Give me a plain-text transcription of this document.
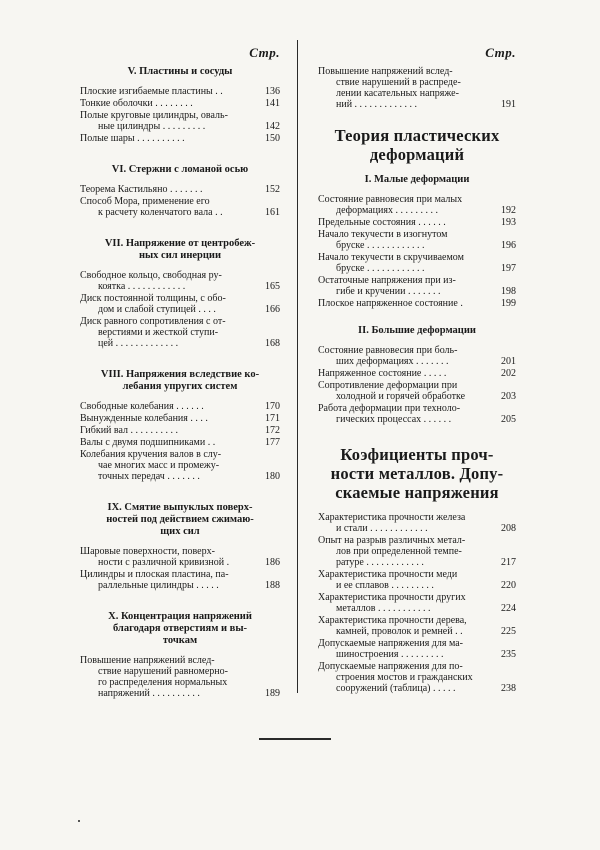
Стр.
V. Пластины и сосуды
Плоские изгибаемые пластины . .	136
Тонкие оболочки . . . . . . . .	141
Полые круговые цилиндры, оваль-
ные цилиндры . . . . . . . . .	142
Полые шары . . . . . . . . . .	150
VI. Стержни с ломаной осью
Теорема Кастильяно . . . . . . .	152
Способ Мора, применение его
к расчету коленчатого вала . .	161
VII. Напряжение от центробеж-
ных сил инерции
Свободное кольцо, свободная ру-
коятка . . . . . . . . . . . .	165
Диск постоянной толщины, с обо-
дом и слабой ступицей . . . .	166
Диск равного сопротивления с от-
верстиями и жесткой ступи-
цей . . . . . . . . . . . . .	168
VIII. Напряжения вследствие ко-
лебания упругих систем
Свободные колебания . . . . . .	170
Вынужденные колебания . . . .	171
Гибкий вал . . . . . . . . . .	172
Валы с двумя подшипниками . .	177
Колебания кручения валов в слу-
чае многих масс и промежу-
точных передач . . . . . . .	180
IX. Смятие выпуклых поверх-
ностей под действием сжимаю-
щих сил
Шаровые поверхности, поверх-
ности с различной кривизной .	186
Цилиндры и плоская пластина, па-
раллельные цилиндры . . . . .	188
X. Концентрация напряжений
благодаря отверстиям и вы-
точкам
Повышение напряжений вслед-
ствие нарушений равномерно-
го распределения нормальных
напряжений . . . . . . . . . .	189
Стр.
Повышение напряжений вслед-
ствие нарушений в распреде-
лении касательных напряже-
ний . . . . . . . . . . . . .	191
Теория пластических
деформаций
I. Малые деформации
Состояние равновесия при малых
деформациях . . . . . . . . .	192
Предельные состояния . . . . . .	193
Начало текучести в изогнутом
бруске . . . . . . . . . . . .	196
Начало текучести в скручиваемом
бруске . . . . . . . . . . . .	197
Остаточные напряжения при из-
гибе и кручении . . . . . . .	198
Плоское напряженное состояние .	199
II. Большие деформации
Состояние равновесия при боль-
ших деформациях . . . . . . .	201
Напряженное состояние . . . . .	202
Сопротивление деформации при
холодной и горячей обработке	203
Работа деформации при техноло-
гических процессах . . . . . .	205
Коэфициенты проч-
ности металлов. Допу-
скаемые напряжения
Характеристика прочности железа
и стали . . . . . . . . . . . .	208
Опыт на разрыв различных метал-
лов при определенной темпе-
ратуре . . . . . . . . . . . .	217
Характеристика прочности меди
и ее сплавов . . . . . . . . .	220
Характеристика прочности других
металлов . . . . . . . . . . .	224
Характеристика прочности дерева,
камней, проволок и ремней . .	225
Допускаемые напряжения для ма-
шиностроения . . . . . . . . .	235
Допускаемые напряжения для по-
строения мостов и гражданских
сооружений (таблица) . . . . .	238
